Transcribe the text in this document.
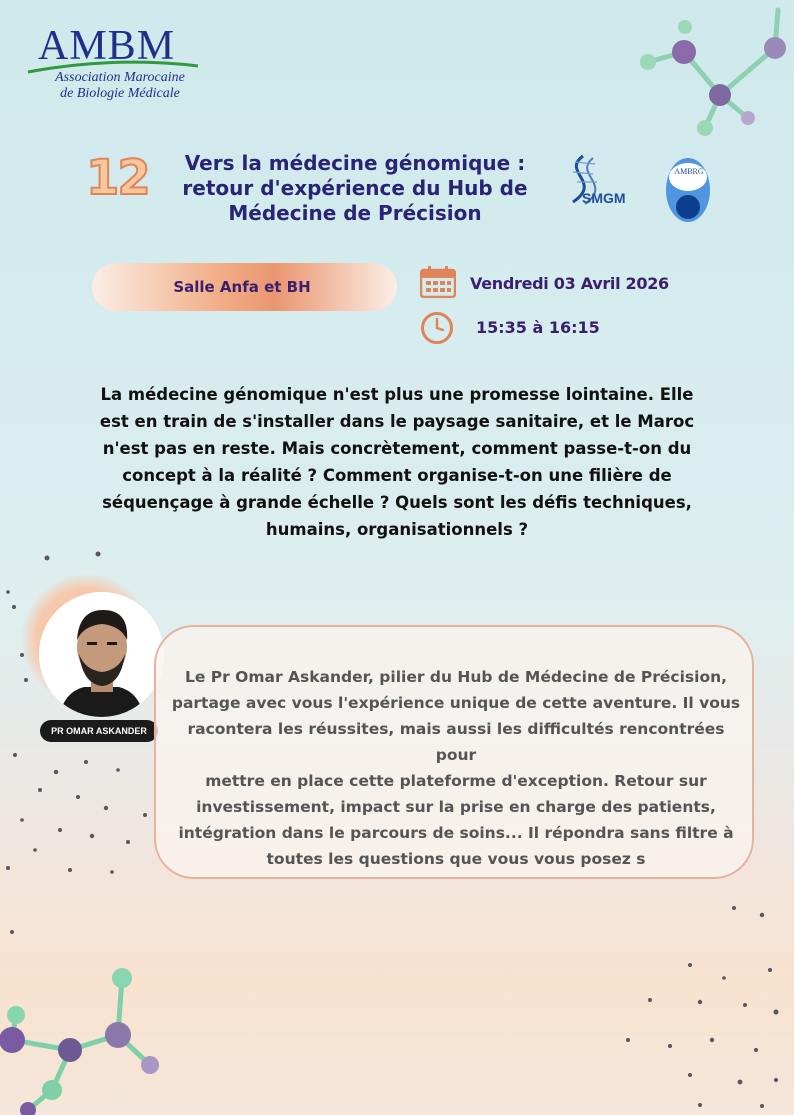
AMBM
Association Marocaine
de Biologie Médicale
12	Vers la médecine génomique :
retour d'expérience du Hub de
Médecine de Précision
SMGM
AMBRG
Salle Anfa et BH	Vendredi 03 Avril 2026
15:35 à 16:15
La médecine génomique n'est plus une promesse lointaine. Elle
est en train de s'installer dans le paysage sanitaire, et le Maroc
n'est pas en reste. Mais concrètement, comment passe-t-on du
concept à la réalité ? Comment organise-t-on une filière de
séquençage à grande échelle ? Quels sont les défis techniques,
humains, organisationnels ?
PR OMAR ASKANDER
Le Pr Omar Askander, pilier du Hub de Médecine de Précision,
partage avec vous l'expérience unique de cette aventure. Il vous
racontera les réussites, mais aussi les difficultés rencontrées pour
mettre en place cette plateforme d'exception. Retour sur
investissement, impact sur la prise en charge des patients,
intégration dans le parcours de soins... Il répondra sans filtre à
toutes les questions que vous vous posez s
